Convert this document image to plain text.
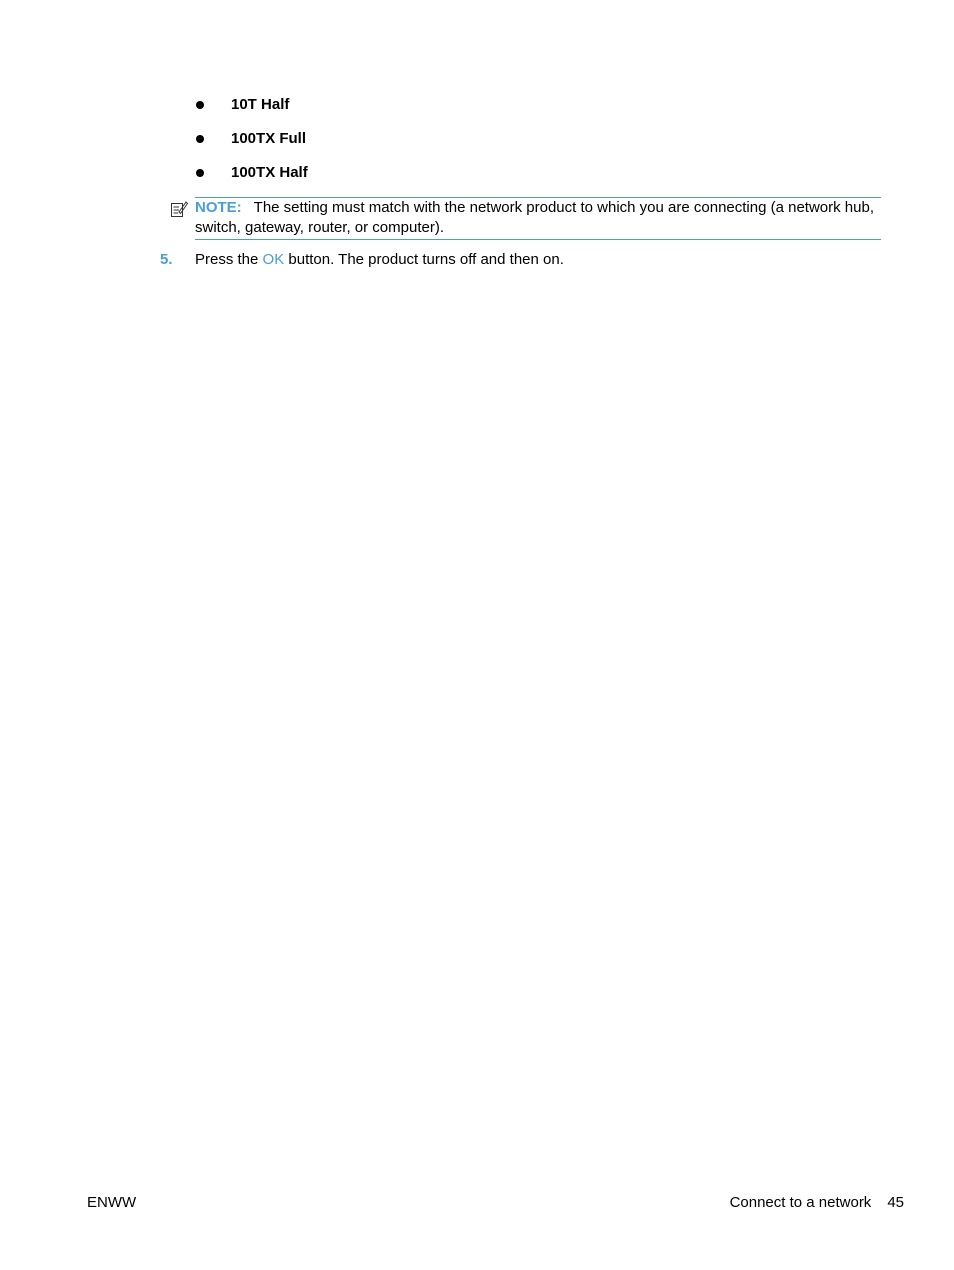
10T Half
100TX Full
100TX Half
NOTE: The setting must match with the network product to which you are connecting (a network hub, switch, gateway, router, or computer).
5. Press the OK button. The product turns off and then on.
ENWW	Connect to a network 45
